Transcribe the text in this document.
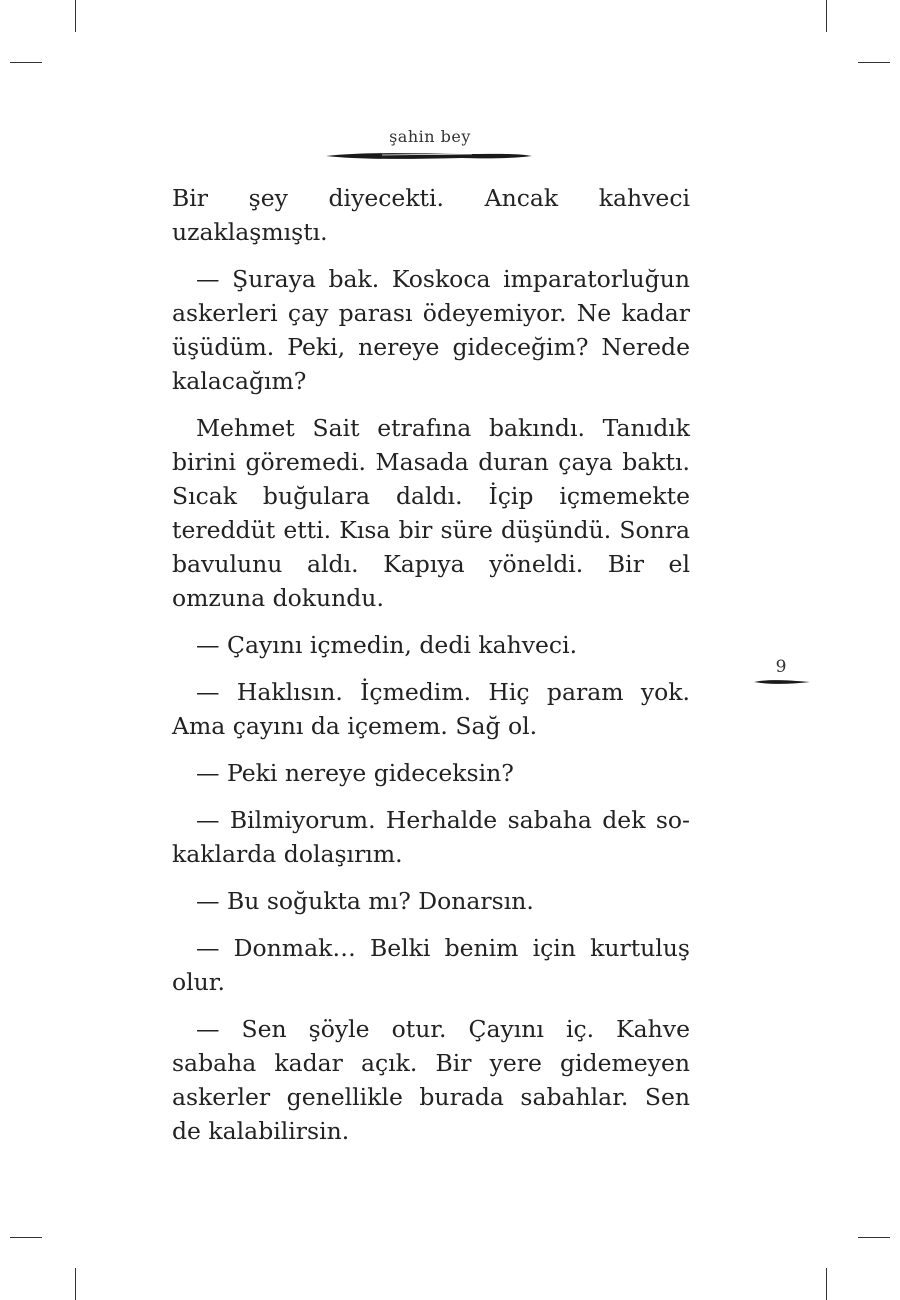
şahin bey
9

Bir şey diyecekti. Ancak kahveci uzaklaşmıştı.

— Şuraya bak. Koskoca imparatorluğun askerleri çay parası ödeyemiyor. Ne kadar üşüdüm. Peki, nereye gideceğim? Nerede kalacağım?

Mehmet Sait etrafına bakındı. Tanıdık birini göremedi. Masada duran çaya baktı. Sıcak buğulara daldı. İçip içmemekte tereddüt etti. Kısa bir süre düşündü. Sonra bavulunu aldı. Kapıya yöneldi. Bir el omzuna dokundu.

— Çayını içmedin, dedi kahveci.

— Haklısın. İçmedim. Hiç param yok. Ama çayını da içemem. Sağ ol.

— Peki nereye gideceksin?

— Bilmiyorum. Herhalde sabaha dek sokaklarda dolaşırım.

— Bu soğukta mı? Donarsın.

— Donmak… Belki benim için kurtuluş olur.

— Sen şöyle otur. Çayını iç. Kahve sabaha kadar açık. Bir yere gidemeyen askerler genellikle burada sabahlar. Sen de kalabilirsin.
